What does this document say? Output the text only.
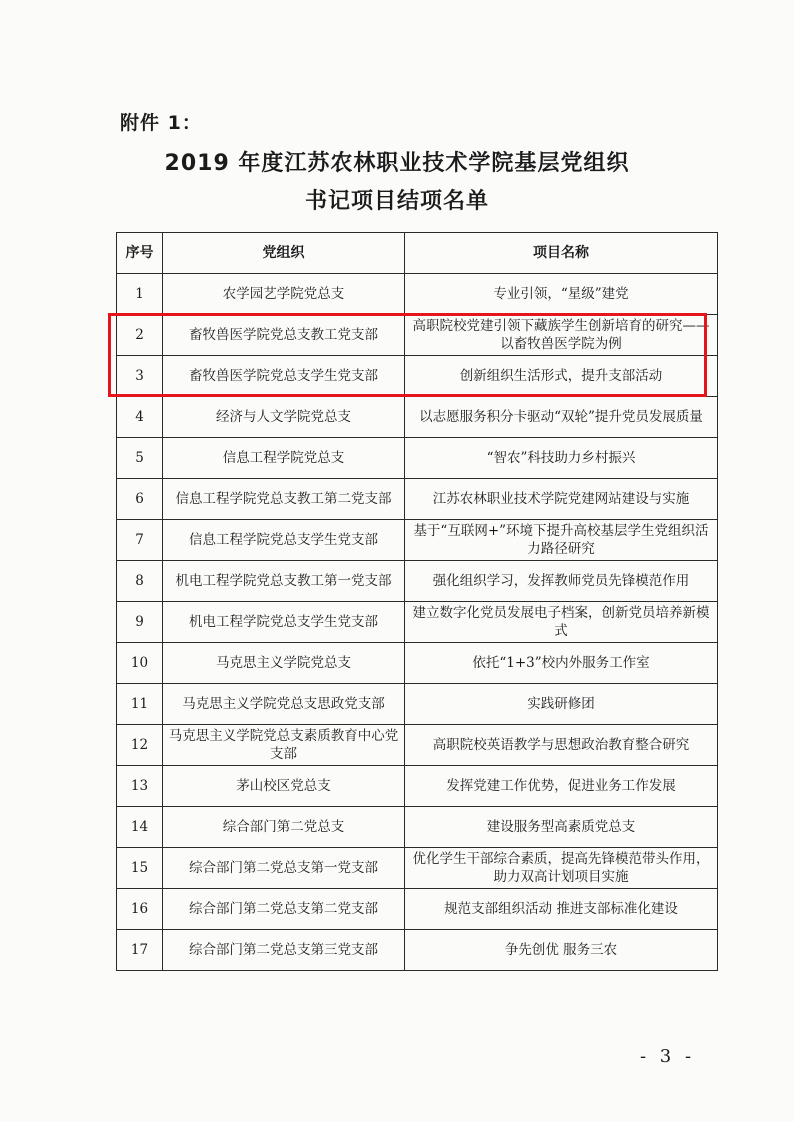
附件 1：
2019 年度江苏农林职业技术学院基层党组织
书记项目结项名单
序号	党组织	项目名称
1	农学园艺学院党总支	专业引领，“星级”建党
2	畜牧兽医学院党总支教工党支部	高职院校党建引领下藏族学生创新培育的研究——以畜牧兽医学院为例
3	畜牧兽医学院党总支学生党支部	创新组织生活形式，提升支部活动
4	经济与人文学院党总支	以志愿服务积分卡驱动“双轮”提升党员发展质量
5	信息工程学院党总支	“智农”科技助力乡村振兴
6	信息工程学院党总支教工第二党支部	江苏农林职业技术学院党建网站建设与实施
7	信息工程学院党总支学生党支部	基于“互联网+”环境下提升高校基层学生党组织活力路径研究
8	机电工程学院党总支教工第一党支部	强化组织学习，发挥教师党员先锋模范作用
9	机电工程学院党总支学生党支部	建立数字化党员发展电子档案，创新党员培养新模式
10	马克思主义学院党总支	依托“1+3”校内外服务工作室
11	马克思主义学院党总支思政党支部	实践研修团
12	马克思主义学院党总支素质教育中心党支部	高职院校英语教学与思想政治教育整合研究
13	茅山校区党总支	发挥党建工作优势，促进业务工作发展
14	综合部门第二党总支	建设服务型高素质党总支
15	综合部门第二党总支第一党支部	优化学生干部综合素质，提高先锋模范带头作用，助力双高计划项目实施
16	综合部门第二党总支第二党支部	规范支部组织活动 推进支部标准化建设
17	综合部门第二党总支第三党支部	争先创优 服务三农
- 3 -
